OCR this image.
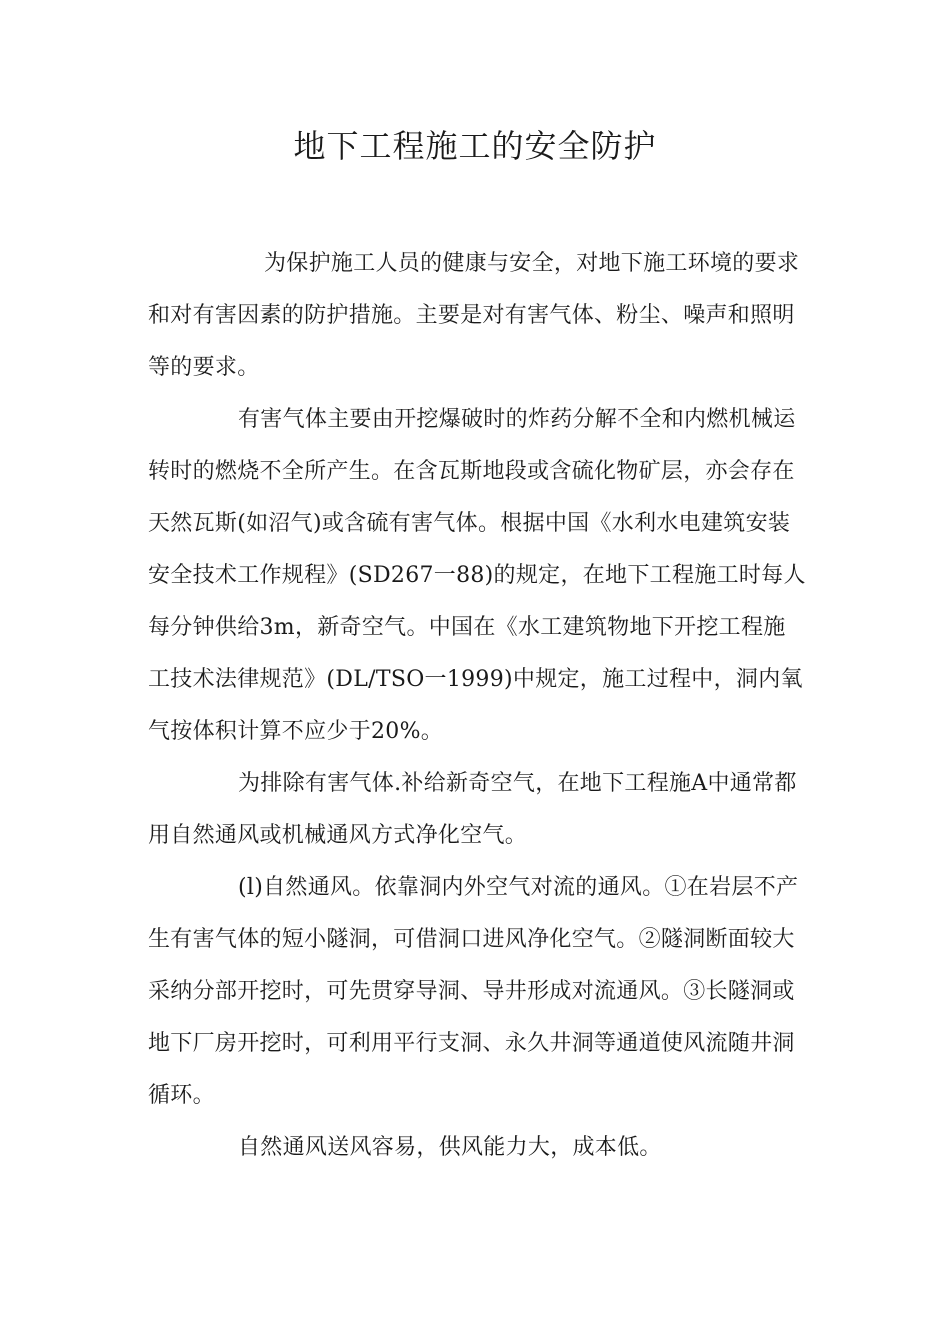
地下工程施工的安全防护
为保护施工人员的健康与安全，对地下施工环境的要求
和对有害因素的防护措施。主要是对有害气体、粉尘、噪声和照明
等的要求。
有害气体主要由开挖爆破时的炸药分解不全和内燃机械运
转时的燃烧不全所产生。在含瓦斯地段或含硫化物矿层，亦会存在
天然瓦斯(如沼气)或含硫有害气体。根据中国《水利水电建筑安装
安全技术工作规程》(SD267一88)的规定，在地下工程施工时每人
每分钟供给3m，新奇空气。中国在《水工建筑物地下开挖工程施
工技术法律规范》(DL/TSO一1999)中规定，施工过程中，洞内氧
气按体积计算不应少于20%。
为排除有害气体.补给新奇空气，在地下工程施A中通常都
用自然通风或机械通风方式净化空气。
(l)自然通风。依靠洞内外空气对流的通风。①在岩层不产
生有害气体的短小隧洞，可借洞口进风净化空气。②隧洞断面较大
采纳分部开挖时，可先贯穿导洞、导井形成对流通风。③长隧洞或
地下厂房开挖时，可利用平行支洞、永久井洞等通道使风流随井洞
循环。
自然通风送风容易，供风能力大，成本低。
